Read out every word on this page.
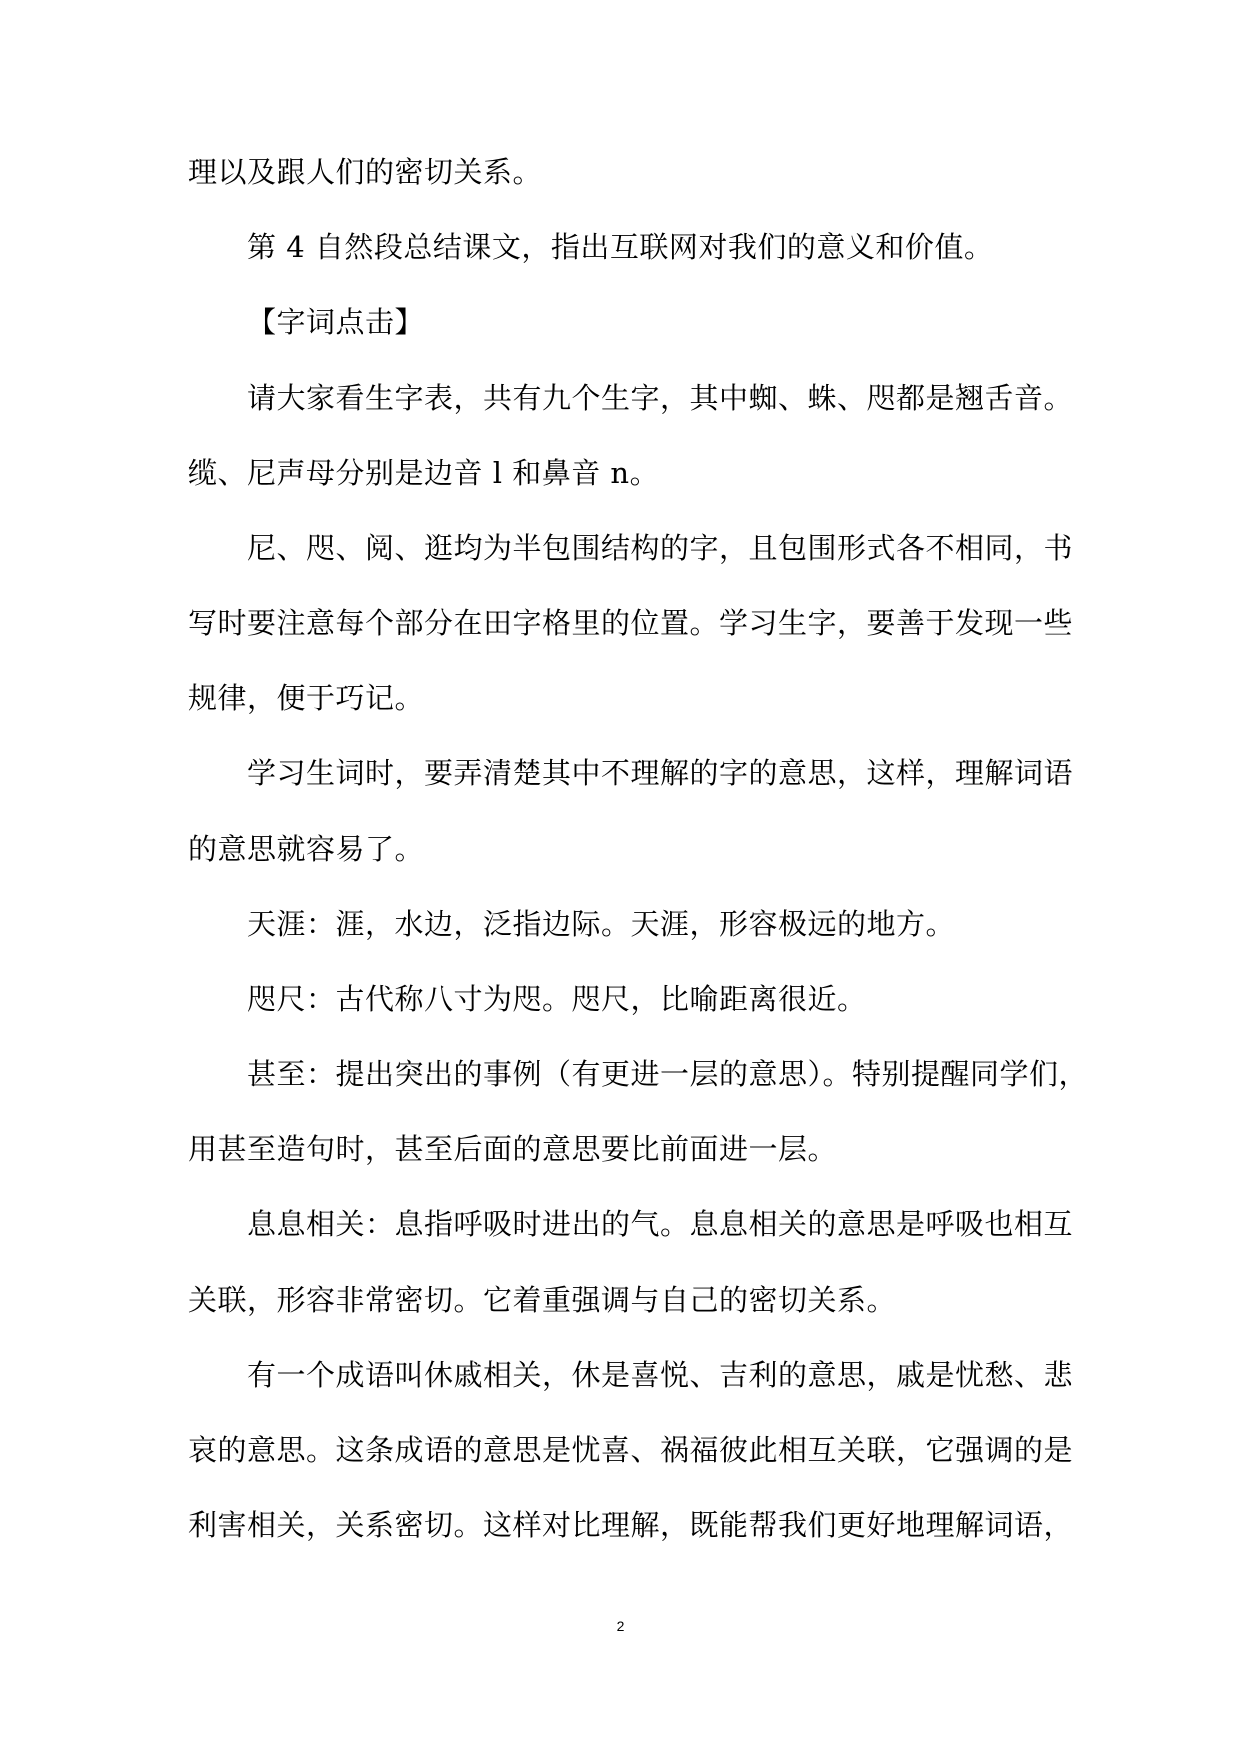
理以及跟人们的密切关系。
第 4 自然段总结课文，指出互联网对我们的意义和价值。
【字词点击】
请大家看生字表，共有九个生字，其中蜘、蛛、咫都是翘舌音。
缆、尼声母分别是边音 l 和鼻音 n。
尼、咫、阅、逛均为半包围结构的字，且包围形式各不相同，书
写时要注意每个部分在田字格里的位置。学习生字，要善于发现一些
规律，便于巧记。
学习生词时，要弄清楚其中不理解的字的意思，这样，理解词语
的意思就容易了。
天涯：涯，水边，泛指边际。天涯，形容极远的地方。
咫尺：古代称八寸为咫。咫尺，比喻距离很近。
甚至：提出突出的事例（有更进一层的意思）。特别提醒同学们，
用甚至造句时，甚至后面的意思要比前面进一层。
息息相关：息指呼吸时进出的气。息息相关的意思是呼吸也相互
关联，形容非常密切。它着重强调与自己的密切关系。
有一个成语叫休戚相关，休是喜悦、吉利的意思，戚是忧愁、悲
哀的意思。这条成语的意思是忧喜、祸福彼此相互关联，它强调的是
利害相关，关系密切。这样对比理解，既能帮我们更好地理解词语，
2
